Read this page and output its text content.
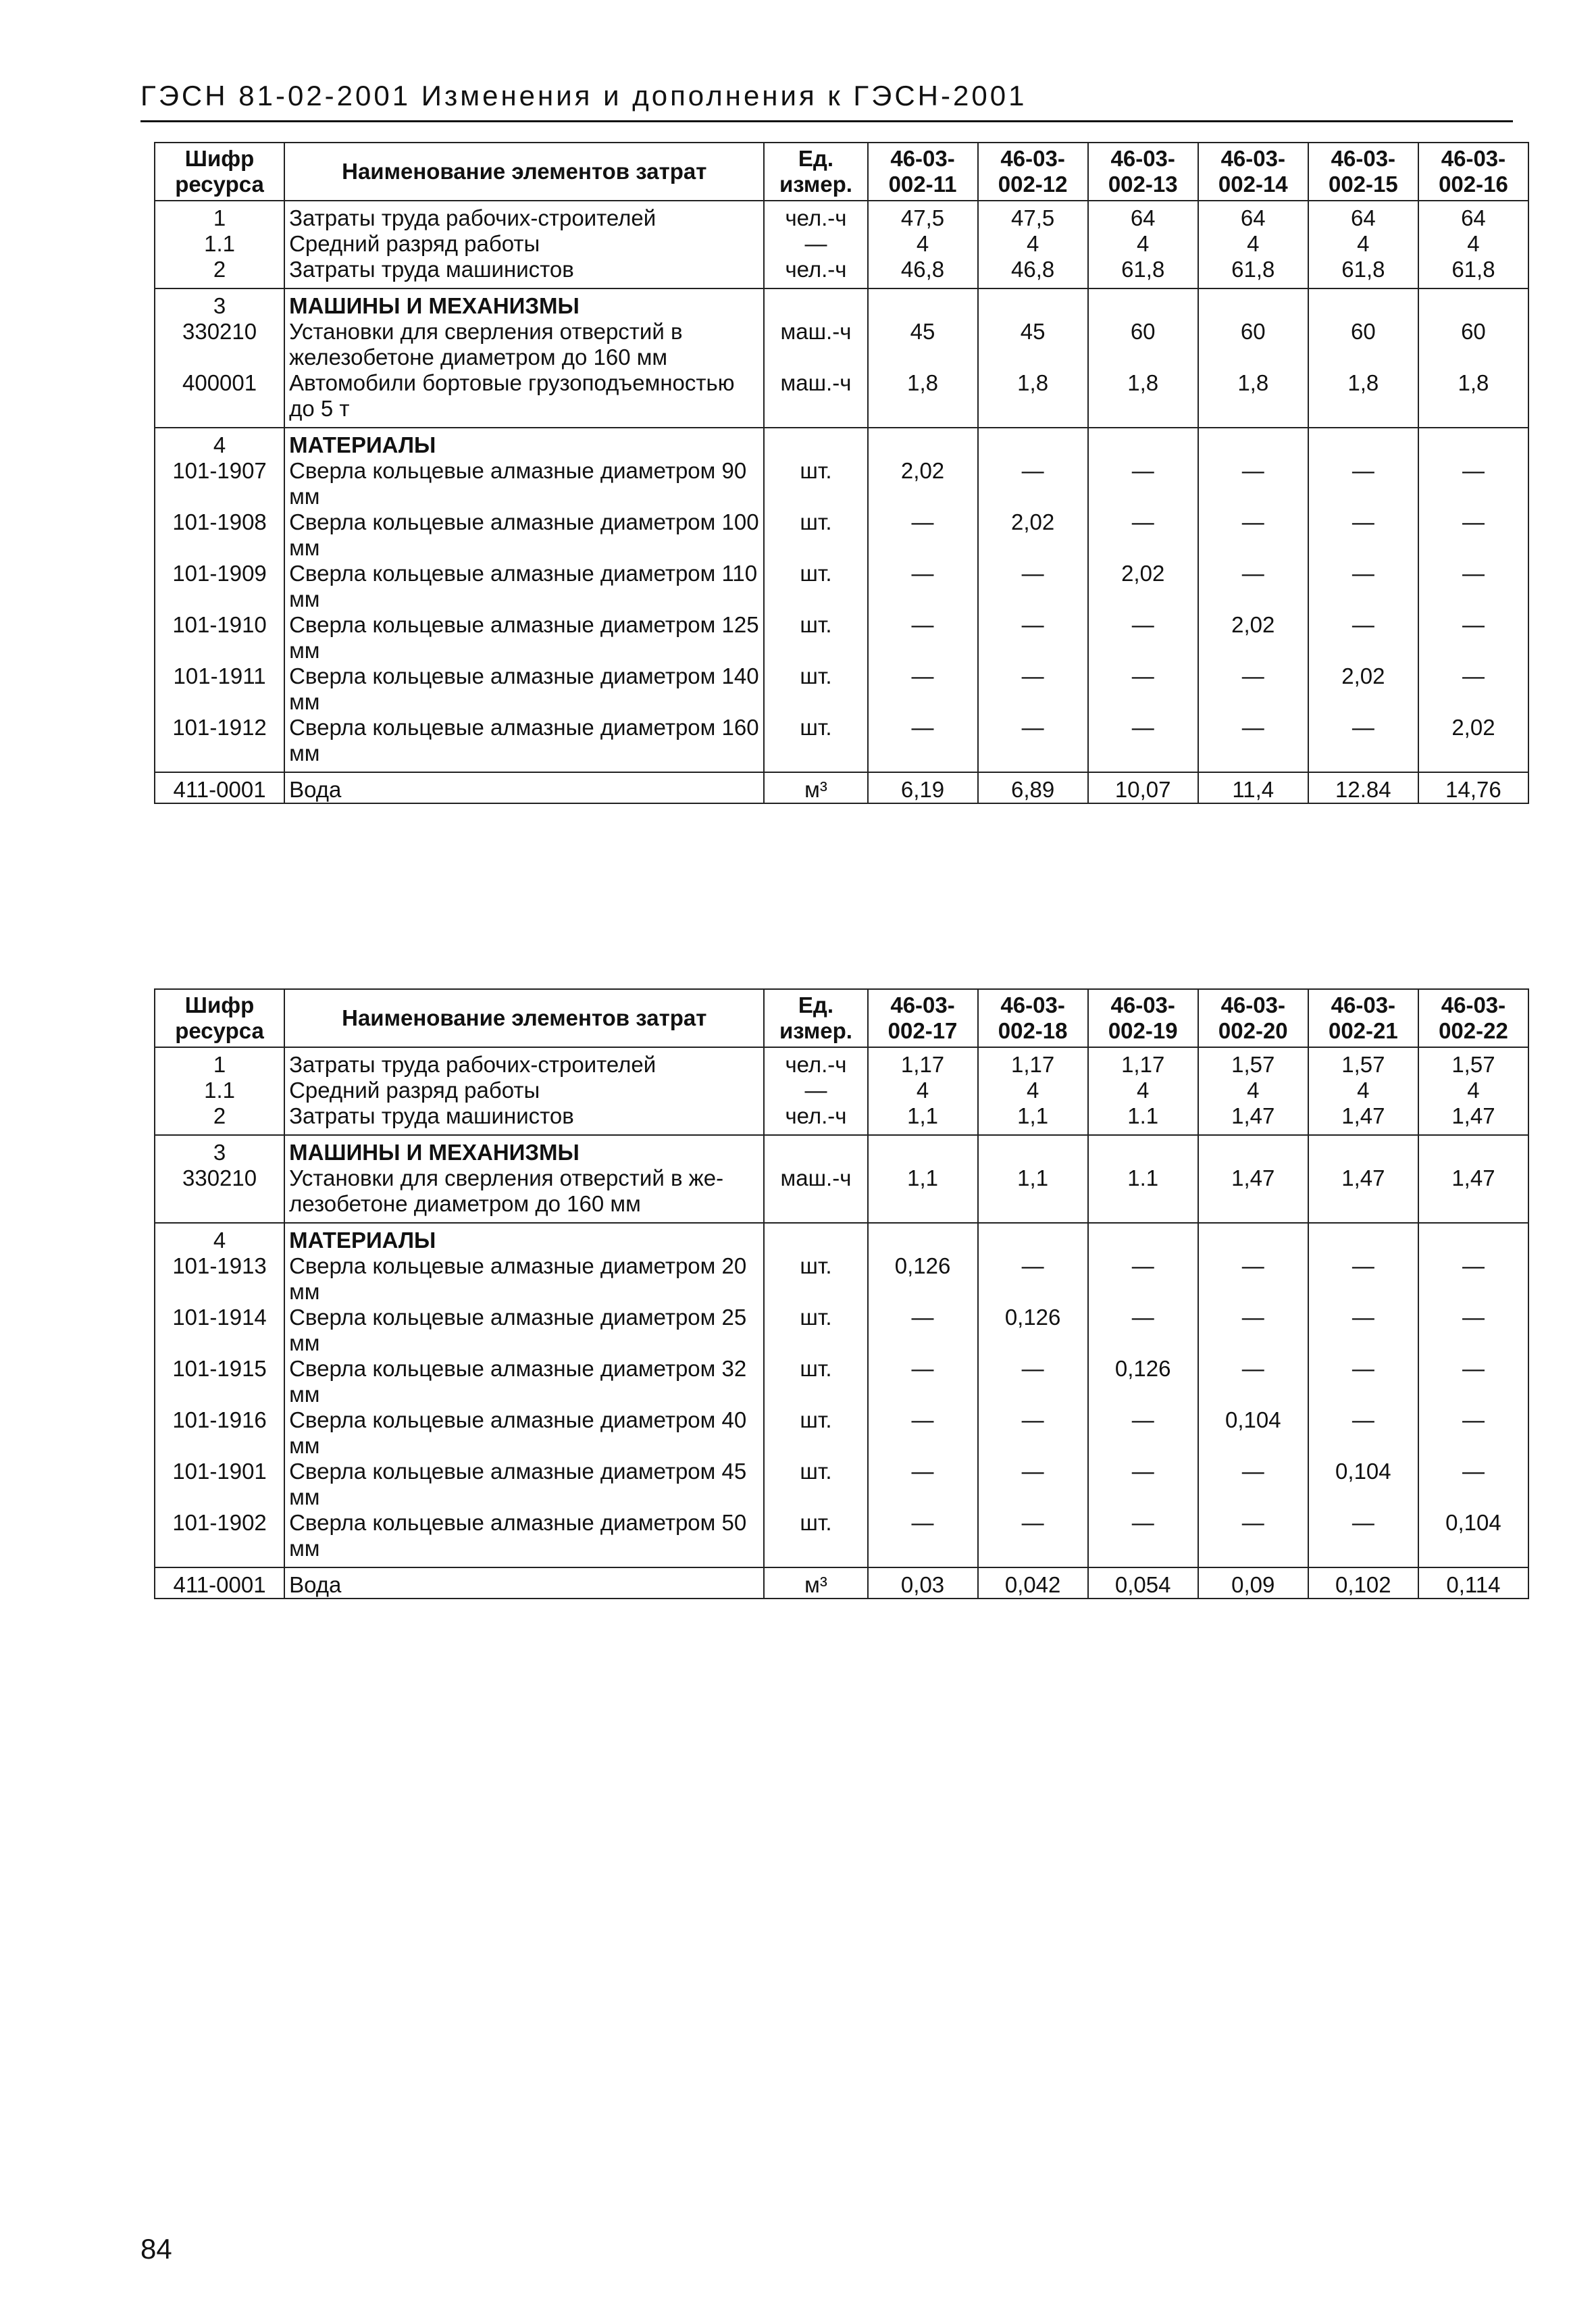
ГЭСН 81-02-2001 Изменения и дополнения к ГЭСН-2001
Шифр ресурса	Наименование элементов затрат	Ед. измер.	46-03-002-11	46-03-002-12	46-03-002-13	46-03-002-14	46-03-002-15	46-03-002-16
1	Затраты труда рабочих-строителей	чел.-ч	47,5	47,5	64	64	64	64
1.1	Средний разряд работы	—	4	4	4	4	4	4
2	Затраты труда машинистов	чел.-ч	46,8	46,8	61,8	61,8	61,8	61,8
3	МАШИНЫ И МЕХАНИЗМЫ							
330210	Установки для сверления отверстий в железобетоне диаметром до 160 мм	маш.-ч	45	45	60	60	60	60
400001	Автомобили бортовые грузоподъемностью до 5 т	маш.-ч	1,8	1,8	1,8	1,8	1,8	1,8
4	МАТЕРИАЛЫ							
101-1907	Сверла кольцевые алмазные диаметром 90 мм	шт.	2,02	—	—	—	—	—
101-1908	Сверла кольцевые алмазные диаметром 100 мм	шт.	—	2,02	—	—	—	—
101-1909	Сверла кольцевые алмазные диаметром 110 мм	шт.	—	—	2,02	—	—	—
101-1910	Сверла кольцевые алмазные диаметром 125 мм	шт.	—	—	—	2,02	—	—
101-1911	Сверла кольцевые алмазные диаметром 140 мм	шт.	—	—	—	—	2,02	—
101-1912	Сверла кольцевые алмазные диаметром 160 мм	шт.	—	—	—	—	—	2,02
411-0001	Вода	м³	6,19	6,89	10,07	11,4	12.84	14,76
Шифр ресурса	Наименование элементов затрат	Ед. измер.	46-03-002-17	46-03-002-18	46-03-002-19	46-03-002-20	46-03-002-21	46-03-002-22
1	Затраты труда рабочих-строителей	чел.-ч	1,17	1,17	1,17	1,57	1,57	1,57
1.1	Средний разряд работы	—	4	4	4	4	4	4
2	Затраты труда машинистов	чел.-ч	1,1	1,1	1.1	1,47	1,47	1,47
3	МАШИНЫ И МЕХАНИЗМЫ							
330210	Установки для сверления отверстий в же-лезобетоне диаметром до 160 мм	маш.-ч	1,1	1,1	1.1	1,47	1,47	1,47
4	МАТЕРИАЛЫ							
101-1913	Сверла кольцевые алмазные диаметром 20 мм	шт.	0,126	—	—	—	—	—
101-1914	Сверла кольцевые алмазные диаметром 25 мм	шт.	—	0,126	—	—	—	—
101-1915	Сверла кольцевые алмазные диаметром 32 мм	шт.	—	—	0,126	—	—	—
101-1916	Сверла кольцевые алмазные диаметром 40 мм	шт.	—	—	—	0,104	—	—
101-1901	Сверла кольцевые алмазные диаметром 45 мм	шт.	—	—	—	—	0,104	—
101-1902	Сверла кольцевые алмазные диаметром 50 мм	шт.	—	—	—	—	—	0,104
411-0001	Вода	м³	0,03	0,042	0,054	0,09	0,102	0,114
84
